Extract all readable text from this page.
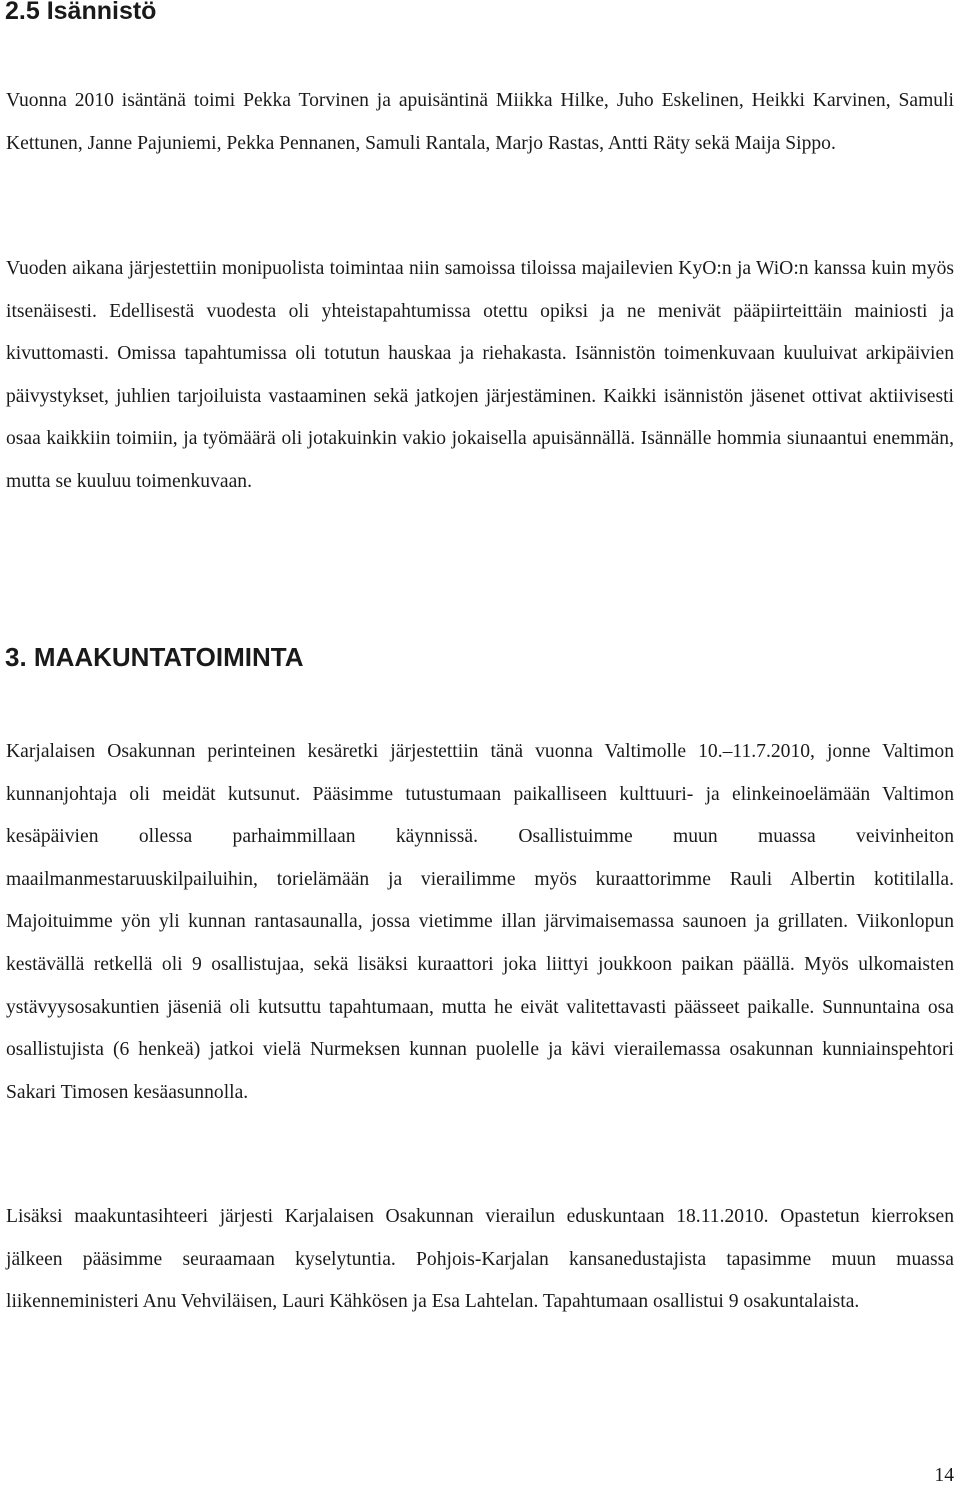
2.5 Isännistö

Vuonna 2010 isäntänä toimi Pekka Torvinen ja apuisäntinä Miikka Hilke, Juho Eskelinen, Heikki Karvinen, Samuli Kettunen, Janne Pajuniemi, Pekka Pennanen, Samuli Rantala, Marjo Rastas, Antti Räty sekä Maija Sippo.

Vuoden aikana järjestettiin monipuolista toimintaa niin samoissa tiloissa majailevien KyO:n ja WiO:n kanssa kuin myös itsenäisesti. Edellisestä vuodesta oli yhteistapahtumissa otettu opiksi ja ne menivät pääpiirteittäin mainiosti ja kivuttomasti. Omissa tapahtumissa oli totutun hauskaa ja riehakasta. Isännistön toimenkuvaan kuuluivat arkipäivien päivystykset, juhlien tarjoiluista vastaaminen sekä jatkojen järjestäminen. Kaikki isännistön jäsenet ottivat aktiivisesti osaa kaikkiin toimiin, ja työmäärä oli jotakuinkin vakio jokaisella apuisännällä. Isännälle hommia siunaantui enemmän, mutta se kuuluu toimenkuvaan.

3. MAAKUNTATOIMINTA

Karjalaisen Osakunnan perinteinen kesäretki järjestettiin tänä vuonna Valtimolle 10.–11.7.2010, jonne Valtimon kunnanjohtaja oli meidät kutsunut. Pääsimme tutustumaan paikalliseen kulttuuri- ja elinkeinoelämään Valtimon kesäpäivien ollessa parhaimmillaan käynnissä. Osallistuimme muun muassa veivinheiton maailmanmestaruuskilpailuihin, torielämään ja vierailimme myös kuraattorimme Rauli Albertin kotitilalla. Majoituimme yön yli kunnan rantasaunalla, jossa vietimme illan järvimaisemassa saunoen ja grillaten. Viikonlopun kestävällä retkellä oli 9 osallistujaa, sekä lisäksi kuraattori joka liittyi joukkoon paikan päällä. Myös ulkomaisten ystävyysosakuntien jäseniä oli kutsuttu tapahtumaan, mutta he eivät valitettavasti päässeet paikalle. Sunnuntaina osa osallistujista (6 henkeä) jatkoi vielä Nurmeksen kunnan puolelle ja kävi vierailemassa osakunnan kunniainspehtori Sakari Timosen kesäasunnolla.

Lisäksi maakuntasihteeri järjesti Karjalaisen Osakunnan vierailun eduskuntaan 18.11.2010. Opastetun kierroksen jälkeen pääsimme seuraamaan kyselytuntia. Pohjois-Karjalan kansanedustajista tapasimme muun muassa liikenneministeri Anu Vehviläisen, Lauri Kähkösen ja Esa Lahtelan. Tapahtumaan osallistui 9 osakuntalaista.

14
